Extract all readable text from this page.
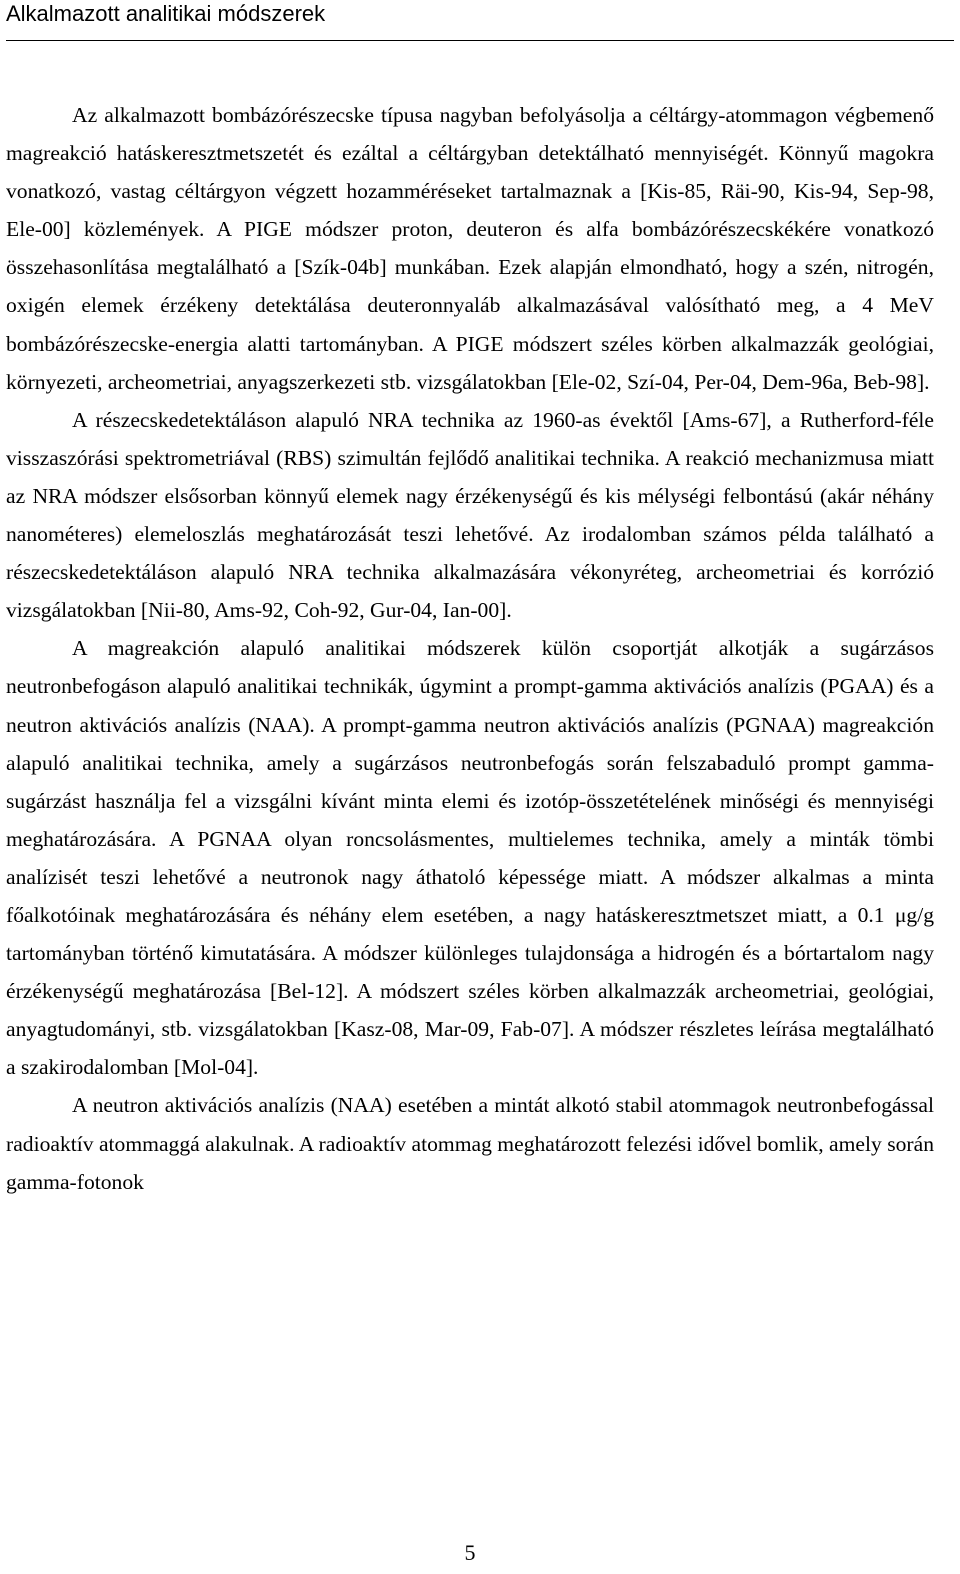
Alkalmazott analitikai módszerek

Az alkalmazott bombázórészecske típusa nagyban befolyásolja a céltárgy-atommagon végbemenő magreakció hatáskeresztmetszetét és ezáltal a céltárgyban detektálható mennyiségét. Könnyű magokra vonatkozó, vastag céltárgyon végzett hozamméréseket tartalmaznak a [Kis-85, Räi-90, Kis-94, Sep-98, Ele-00] közlemények. A PIGE módszer proton, deuteron és alfa bombázórészecskékére vonatkozó összehasonlítása megtalálható a [Szík-04b] munkában. Ezek alapján elmondható, hogy a szén, nitrogén, oxigén elemek érzékeny detektálása deuteronnyaláb alkalmazásával valósítható meg, a 4 MeV bombázórészecske-energia alatti tartományban. A PIGE módszert széles körben alkalmazzák geológiai, környezeti, archeometriai, anyagszerkezeti stb. vizsgálatokban [Ele-02, Szí-04, Per-04, Dem-96a, Beb-98].

A részecskedetektáláson alapuló NRA technika az 1960-as évektől [Ams-67], a Rutherford-féle visszaszórási spektrometriával (RBS) szimultán fejlődő analitikai technika. A reakció mechanizmusa miatt az NRA módszer elsősorban könnyű elemek nagy érzékenységű és kis mélységi felbontású (akár néhány nanométeres) elemeloszlás meghatározását teszi lehetővé. Az irodalomban számos példa található a részecskedetektáláson alapuló NRA technika alkalmazására vékonyréteg, archeometriai és korrózió vizsgálatokban [Nii-80, Ams-92, Coh-92, Gur-04, Ian-00].

A magreakción alapuló analitikai módszerek külön csoportját alkotják a sugárzásos neutronbefogáson alapuló analitikai technikák, úgymint a prompt-gamma aktivációs analízis (PGAA) és a neutron aktivációs analízis (NAA). A prompt-gamma neutron aktivációs analízis (PGNAA) magreakción alapuló analitikai technika, amely a sugárzásos neutronbefogás során felszabaduló prompt gamma-sugárzást használja fel a vizsgálni kívánt minta elemi és izotóp-összetételének minőségi és mennyiségi meghatározására. A PGNAA olyan roncsolásmentes, multielemes technika, amely a minták tömbi analízisét teszi lehetővé a neutronok nagy áthatoló képessége miatt. A módszer alkalmas a minta főalkotóinak meghatározására és néhány elem esetében, a nagy hatáskeresztmetszet miatt, a 0.1 μg/g tartományban történő kimutatására. A módszer különleges tulajdonsága a hidrogén és a bórtartalom nagy érzékenységű meghatározása [Bel-12]. A módszert széles körben alkalmazzák archeometriai, geológiai, anyagtudományi, stb. vizsgálatokban [Kasz-08, Mar-09, Fab-07]. A módszer részletes leírása megtalálható a szakirodalomban [Mol-04].

A neutron aktivációs analízis (NAA) esetében a mintát alkotó stabil atommagok neutronbefogással radioaktív atommaggá alakulnak. A radioaktív atommag meghatározott felezési idővel bomlik, amely során gamma-fotonok

5
